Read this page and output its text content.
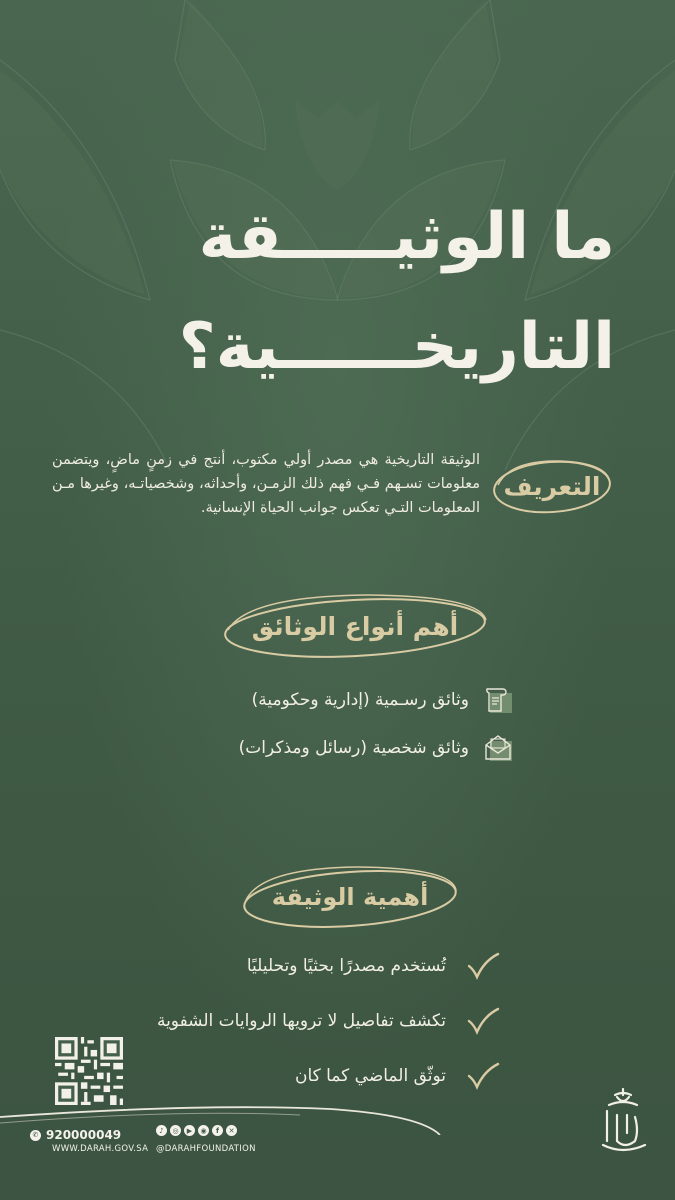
ما الوثيـــــقة
التاريخــــــية؟
التعريف
الوثيقة التاريخية هي مصدر أولي مكتوب، أنتج في زمنٍ ماضٍ، ويتضمن معلومات تسـهم فـي فهم ذلك الزمـن، وأحداثه، وشخصياتـه، وغيرها مـن المعلومات التـي تعكس جوانب الحياة الإنسانية.
أهم أنواع الوثائق
وثائق رسـمية (إدارية وحكومية)
وثائق شخصية (رسائل ومذكرات)
أهمية الوثيقة
تُستخدم مصدرًا بحثيًا وتحليليًا
تكشف تفاصيل لا ترويها الروايات الشفوية
توثّق الماضي كما كان
✆ 920000049
WWW.DARAH.GOV.SA
♪	◎	▶	◉	f	✕
@DARAHFOUNDATION
